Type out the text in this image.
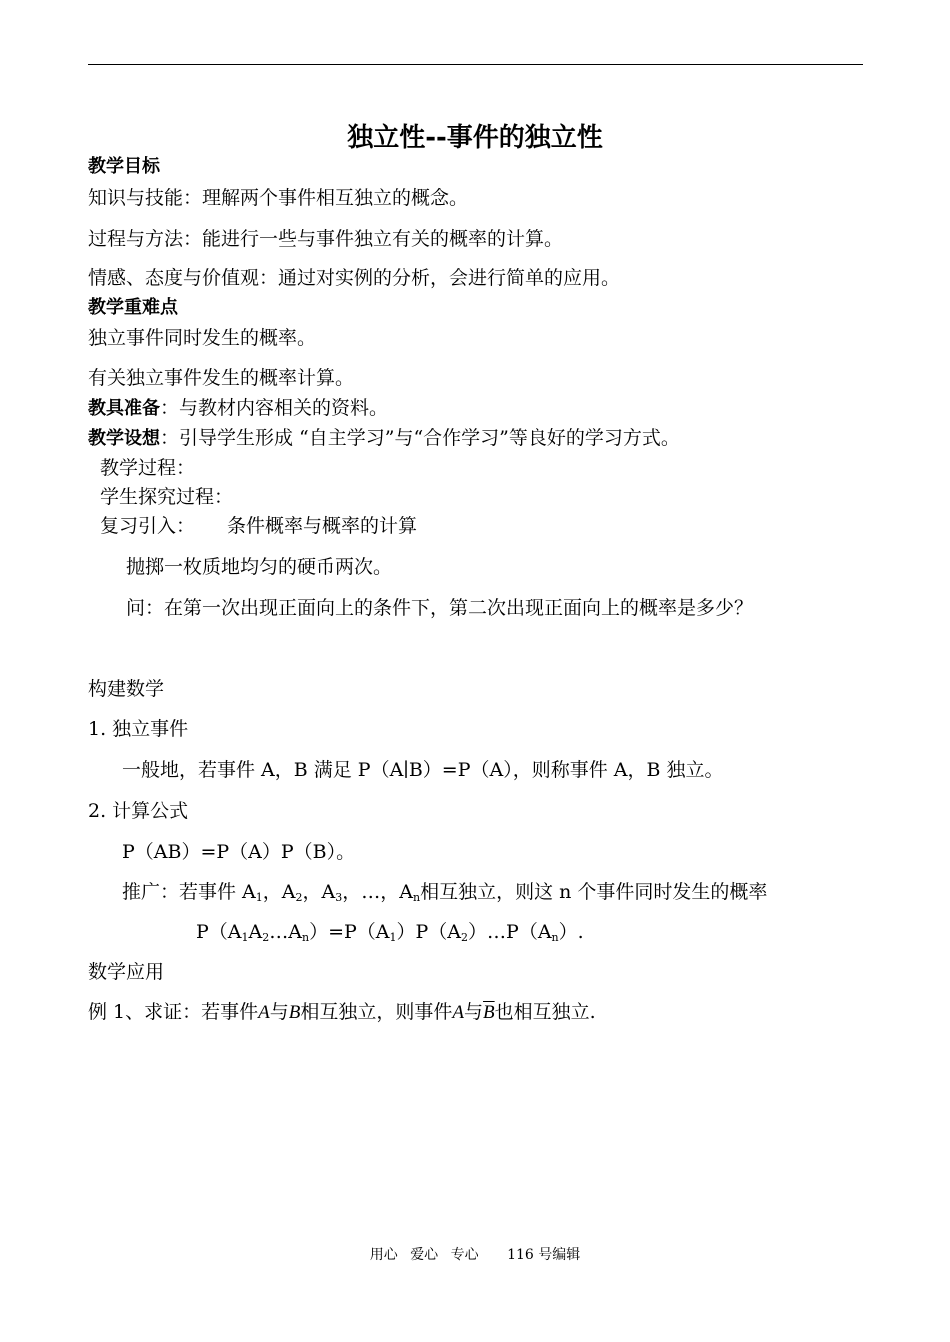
独立性--事件的独立性
教学目标
知识与技能：理解两个事件相互独立的概念。
过程与方法：能进行一些与事件独立有关的概率的计算。
情感、态度与价值观：通过对实例的分析，会进行简单的应用。
教学重难点
独立事件同时发生的概率。
有关独立事件发生的概率计算。
教具准备：与教材内容相关的资料。
教学设想：引导学生形成 “自主学习”与“合作学习”等良好的学习方式。
教学过程：
学生探究过程：
复习引入： 条件概率与概率的计算
抛掷一枚质地均匀的硬币两次。
问：在第一次出现正面向上的条件下，第二次出现正面向上的概率是多少？
构建数学
1. 独立事件
一般地，若事件 A，B 满足 P（A∣B）=P（A），则称事件 A，B 独立。
2. 计算公式
P（AB）=P（A）P（B）。
推广：若事件 $A_1$，$A_2$，$A_3$，…，$A_n$相互独立，则这 n 个事件同时发生的概率
$P(A_1A_2\dots A_n)=P(A_1)P(A_2)\dots P(A_n)$.
数学应用
例 1、求证：若事件A与B相互独立，则事件A与$\overline{B}$也相互独立.
用心 爱心 专心 116 号编辑
